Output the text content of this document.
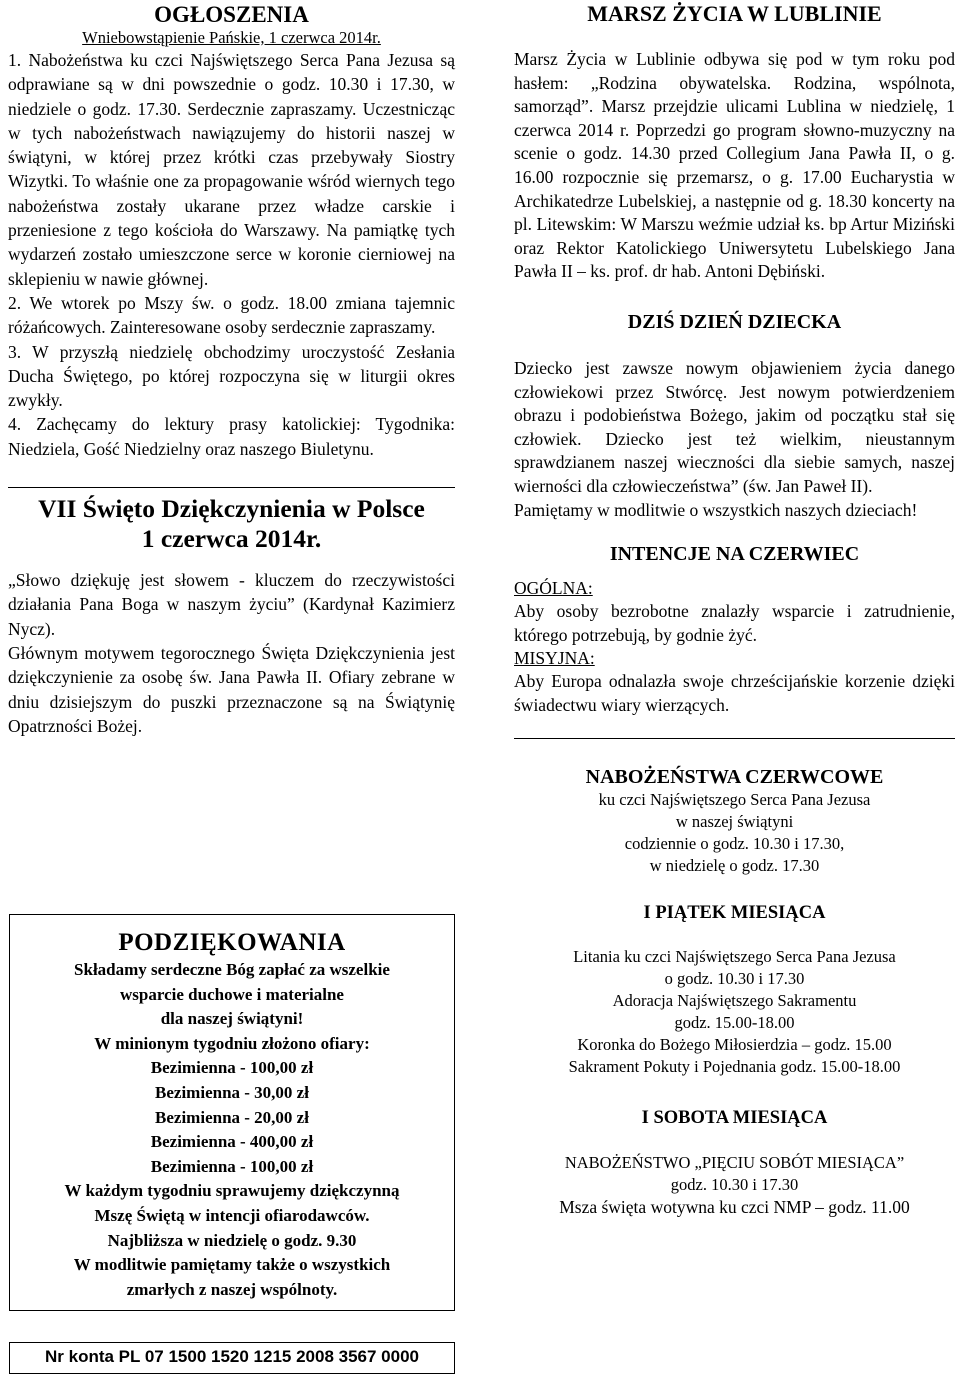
OGŁOSZENIA
Wniebowstąpienie Pańskie, 1 czerwca 2014r.

1. Nabożeństwa ku czci Najświętszego Serca Pana Jezusa są odprawiane są w dni powszednie o godz. 10.30 i 17.30, w niedziele o godz. 17.30. Serdecznie zapraszamy. Uczestnicząc w tych nabożeństwach nawiązujemy do historii naszej w świątyni, w której przez krótki czas przebywały Siostry Wizytki. To właśnie one za propagowanie wśród wiernych tego nabożeństwa zostały ukarane przez władze carskie i przeniesione z tego kościoła do Warszawy. Na pamiątkę tych wydarzeń zostało umieszczone serce w koronie cierniowej na sklepieniu w nawie głównej.

2. We wtorek po Mszy św. o godz. 18.00 zmiana tajemnic różańcowych. Zainteresowane osoby serdecznie zapraszamy.

3. W przyszłą niedzielę obchodzimy uroczystość Zesłania Ducha Świętego, po której rozpoczyna się w liturgii okres zwykły.

4. Zachęcamy do lektury prasy katolickiej: Tygodnika: Niedziela, Gość Niedzielny oraz naszego Biuletynu.

VII Święto Dziękczynienia w Polsce
1 czerwca 2014r.

„Słowo dziękuję jest słowem - kluczem do rzeczywistości działania Pana Boga w naszym życiu” (Kardynał Kazimierz Nycz).

Głównym motywem tegorocznego Święta Dziękczynienia jest dziękczynienie za osobę św. Jana Pawła II. Ofiary zebrane w dniu dzisiejszym do puszki przeznaczone są na Świątynię Opatrzności Bożej.

PODZIĘKOWANIA
Składamy serdeczne Bóg zapłać za wszelkie
wsparcie duchowe i materialne
dla naszej świątyni!
W minionym tygodniu złożono ofiary:
Bezimienna - 100,00 zł
Bezimienna - 30,00 zł
Bezimienna - 20,00 zł
Bezimienna - 400,00 zł
Bezimienna - 100,00 zł
W każdym tygodniu sprawujemy dziękczynną
Mszę Świętą w intencji ofiarodawców.
Najbliższa w niedzielę o godz. 9.30
W modlitwie pamiętamy także o wszystkich
zmarłych z naszej wspólnoty.
Nr konta PL 07 1500 1520 1215 2008 3567 0000
MARSZ ŻYCIA W LUBLINIE

Marsz Życia w Lublinie odbywa się pod w tym roku pod hasłem: „Rodzina obywatelska. Rodzina, wspólnota, samorząd”. Marsz przejdzie ulicami Lublina w niedzielę, 1 czerwca 2014 r. Poprzedzi go program słowno-muzyczny na scenie o godz. 14.30 przed Collegium Jana Pawła II, o g. 16.00 rozpocznie się przemarsz, o g. 17.00 Eucharystia w Archikatedrze Lubelskiej, a następnie od g. 18.30 koncerty na pl. Litewskim: W Marszu weźmie udział ks. bp Artur Miziński oraz Rektor Katolickiego Uniwersytetu Lubelskiego Jana Pawła II – ks. prof. dr hab. Antoni Dębiński.

DZIŚ DZIEŃ DZIECKA

Dziecko jest zawsze nowym objawieniem życia danego człowiekowi przez Stwórcę. Jest nowym potwierdzeniem obrazu i podobieństwa Bożego, jakim od początku stał się człowiek. Dziecko jest też wielkim, nieustannym sprawdzianem naszej wieczności dla siebie samych, naszej wierności dla człowieczeństwa” (św. Jan Paweł II).

Pamiętamy w modlitwie o wszystkich naszych dzieciach!

INTENCJE NA CZERWIEC
OGÓLNA:

Aby osoby bezrobotne znalazły wsparcie i zatrudnienie, którego potrzebują, by godnie żyć.

MISYJNA:

Aby Europa odnalazła swoje chrześcijańskie korzenie dzięki świadectwu wiary wierzących.

NABOŻEŃSTWA CZERWCOWE
ku czci Najświętszego Serca Pana Jezusa
w naszej świątyni
codziennie o godz. 10.30 i 17.30,
w niedzielę o godz. 17.30
I PIĄTEK MIESIĄCA
Litania ku czci Najświętszego Serca Pana Jezusa
o godz. 10.30 i 17.30
Adoracja Najświętszego Sakramentu
godz. 15.00-18.00
Koronka do Bożego Miłosierdzia – godz. 15.00
Sakrament Pokuty i Pojednania godz. 15.00-18.00
I SOBOTA MIESIĄCA
NABOŻEŃSTWO „PIĘCIU SOBÓT MIESIĄCA”
godz. 10.30 i 17.30
Msza święta wotywna ku czci NMP – godz. 11.00
